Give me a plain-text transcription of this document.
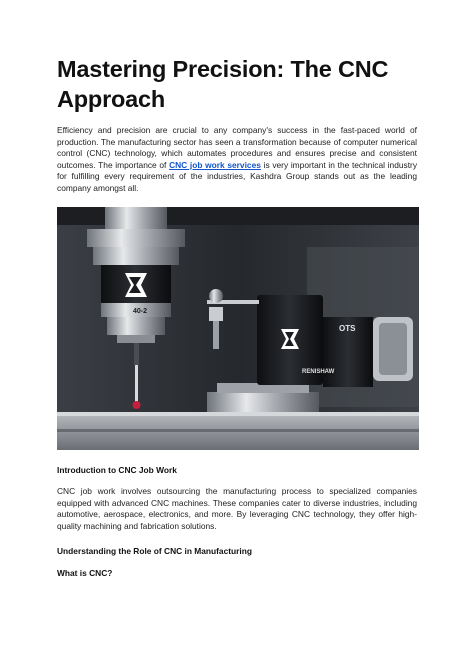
Mastering Precision: The CNC Approach
Efficiency and precision are crucial to any company's success in the fast-paced world of production. The manufacturing sector has seen a transformation because of computer numerical control (CNC) technology, which automates procedures and ensures precise and consistent outcomes. The importance of CNC job work services is very important in the technical industry for fulfilling every requirement of the industries, Kashdra Group stands out as the leading company amongst all.
40-2
OTS
RENISHAW
Introduction to CNC Job Work
CNC job work involves outsourcing the manufacturing process to specialized companies equipped with advanced CNC machines. These companies cater to diverse industries, including automotive, aerospace, electronics, and more. By leveraging CNC technology, they offer high-quality machining and fabrication solutions.
Understanding the Role of CNC in Manufacturing
What is CNC?
